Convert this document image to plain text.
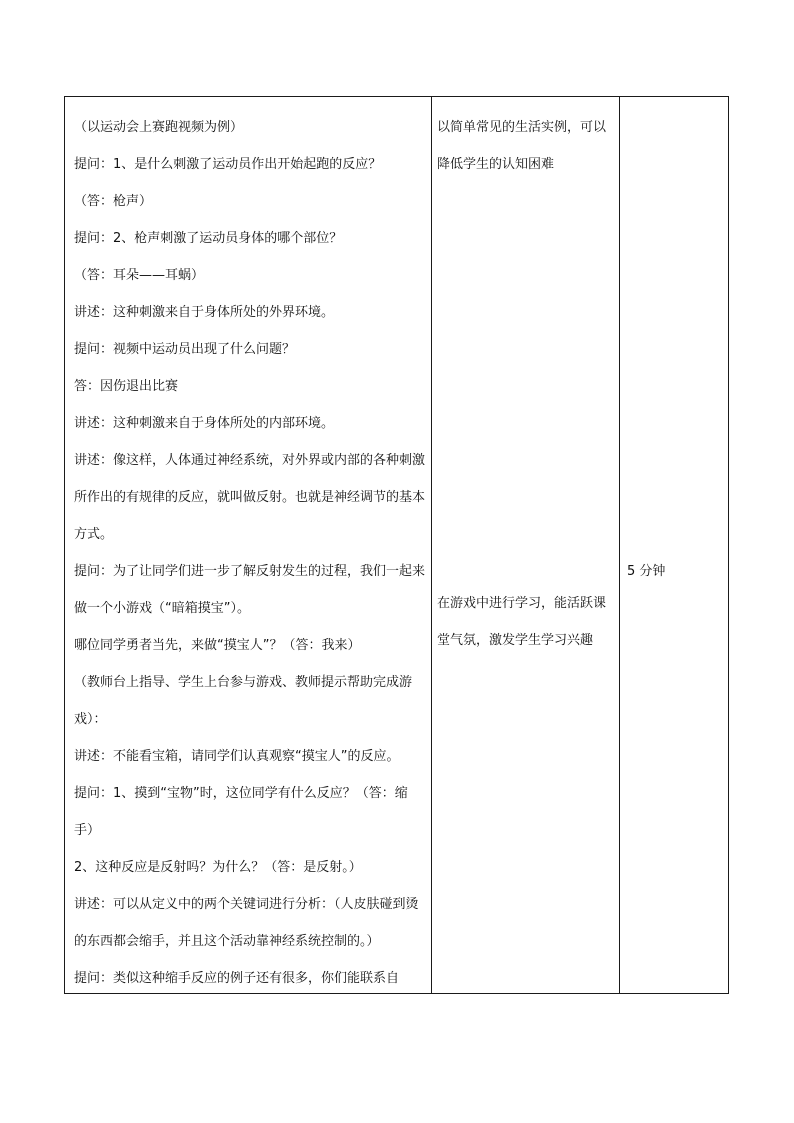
（以运动会上赛跑视频为例）

提问：1、是什么刺激了运动员作出开始起跑的反应？

（答：枪声）

提问：2、枪声刺激了运动员身体的哪个部位？

（答：耳朵——耳蜗）

讲述：这种刺激来自于身体所处的外界环境。

提问：视频中运动员出现了什么问题？

答：因伤退出比赛

讲述：这种刺激来自于身体所处的内部环境。

讲述：像这样，人体通过神经系统，对外界或内部的各种刺激所作出的有规律的反应，就叫做反射。也就是神经调节的基本方式。

提问：为了让同学们进一步了解反射发生的过程，我们一起来做一个小游戏（“暗箱摸宝”）。

哪位同学勇者当先，来做“摸宝人”？（答：我来）

（教师台上指导、学生上台参与游戏、教师提示帮助完成游戏）：

讲述：不能看宝箱，请同学们认真观察“摸宝人”的反应。

提问：1、摸到“宝物”时，这位同学有什么反应？（答：缩手）

2、这种反应是反射吗？为什么？（答：是反射。）

讲述：可以从定义中的两个关键词进行分析：（人皮肤碰到烫的东西都会缩手，并且这个活动靠神经系统控制的。）

提问：类似这种缩手反应的例子还有很多，你们能联系自

以简单常见的生活实例，可以降低学生的认知困难

在游戏中进行学习，能活跃课堂气氛，激发学生学习兴趣

5 分钟
